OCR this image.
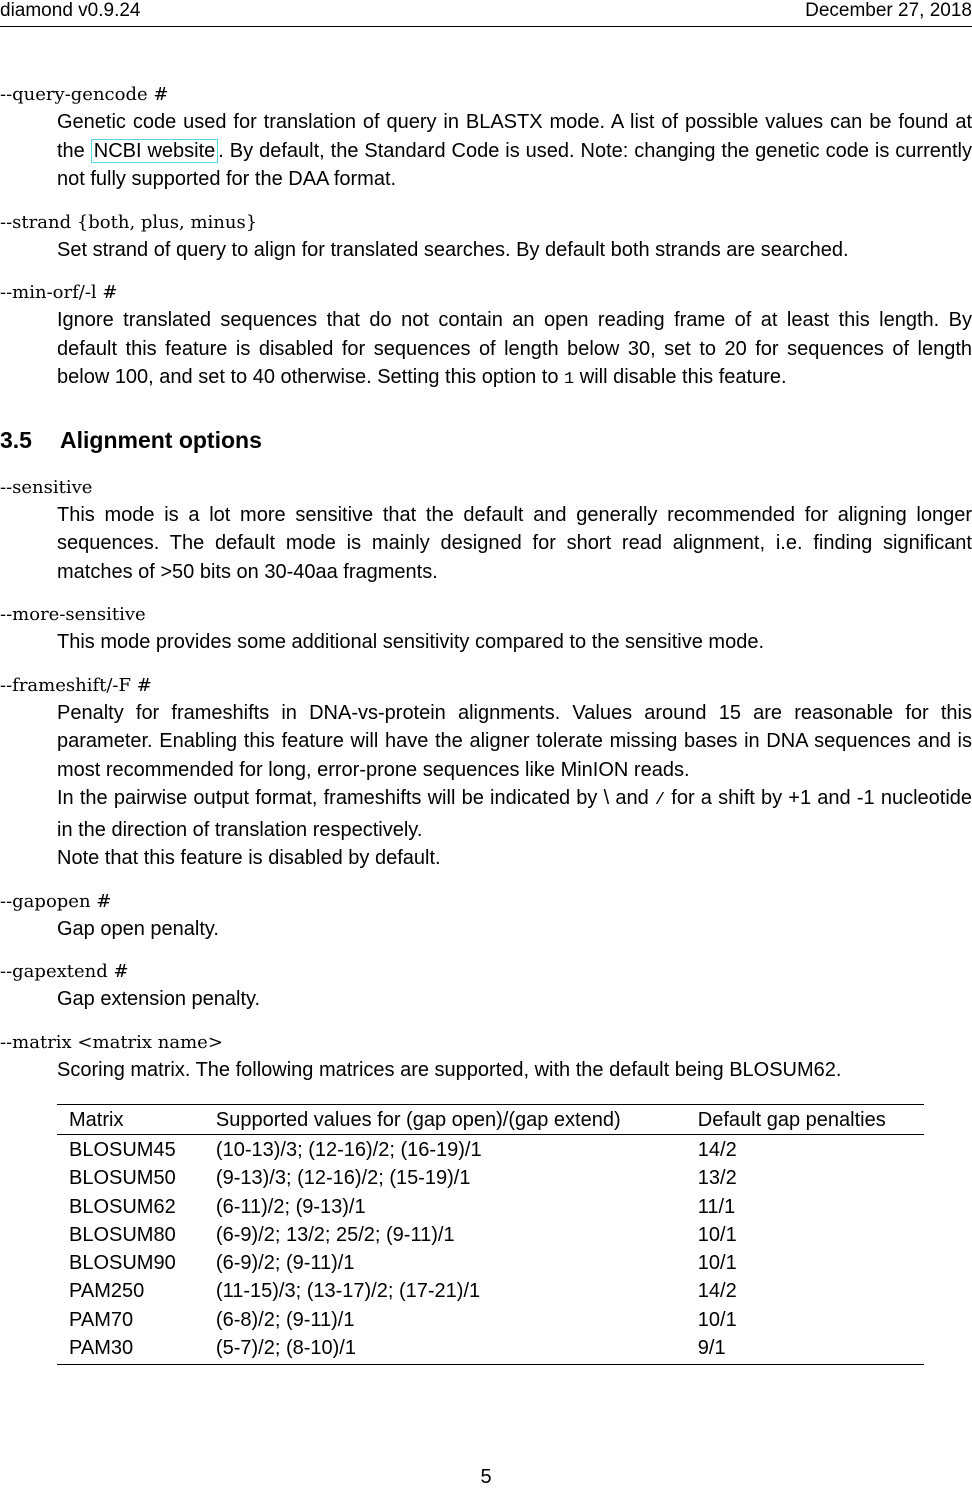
diamond v0.9.24	December 27, 2018
--query-gencode #
Genetic code used for translation of query in BLASTX mode. A list of possible values can be found at the NCBI website . By default, the Standard Code is used. Note: changing the genetic code is currently not fully supported for the DAA format.
--strand {both, plus, minus}
Set strand of query to align for translated searches. By default both strands are searched.
--min-orf/-l #
Ignore translated sequences that do not contain an open reading frame of at least this length. By default this feature is disabled for sequences of length below 30, set to 20 for sequences of length below 100, and set to 40 otherwise. Setting this option to 1 will disable this feature.
3.5 Alignment options
--sensitive
This mode is a lot more sensitive that the default and generally recommended for aligning longer sequences. The default mode is mainly designed for short read alignment, i.e. finding significant matches of >50 bits on 30-40aa fragments.
--more-sensitive
This mode provides some additional sensitivity compared to the sensitive mode.
--frameshift/-F #

Penalty for frameshifts in DNA-vs-protein alignments. Values around 15 are reasonable for this parameter. Enabling this feature will have the aligner tolerate missing bases in DNA sequences and is most recommended for long, error-prone sequences like MinION reads.

In the pairwise output format, frameshifts will be indicated by \ and / for a shift by +1 and -1 nucleotide in the direction of translation respectively.

Note that this feature is disabled by default.

--gapopen #
Gap open penalty.
--gapextend #
Gap extension penalty.
--matrix <matrix name>
Scoring matrix. The following matrices are supported, with the default being BLOSUM62.
Matrix	Supported values for (gap open)/(gap extend)	Default gap penalties
BLOSUM45	(10-13)/3; (12-16)/2; (16-19)/1	14/2
BLOSUM50	(9-13)/3; (12-16)/2; (15-19)/1	13/2
BLOSUM62	(6-11)/2; (9-13)/1	11/1
BLOSUM80	(6-9)/2; 13/2; 25/2; (9-11)/1	10/1
BLOSUM90	(6-9)/2; (9-11)/1	10/1
PAM250	(11-15)/3; (13-17)/2; (17-21)/1	14/2
PAM70	(6-8)/2; (9-11)/1	10/1
PAM30	(5-7)/2; (8-10)/1	9/1
5
